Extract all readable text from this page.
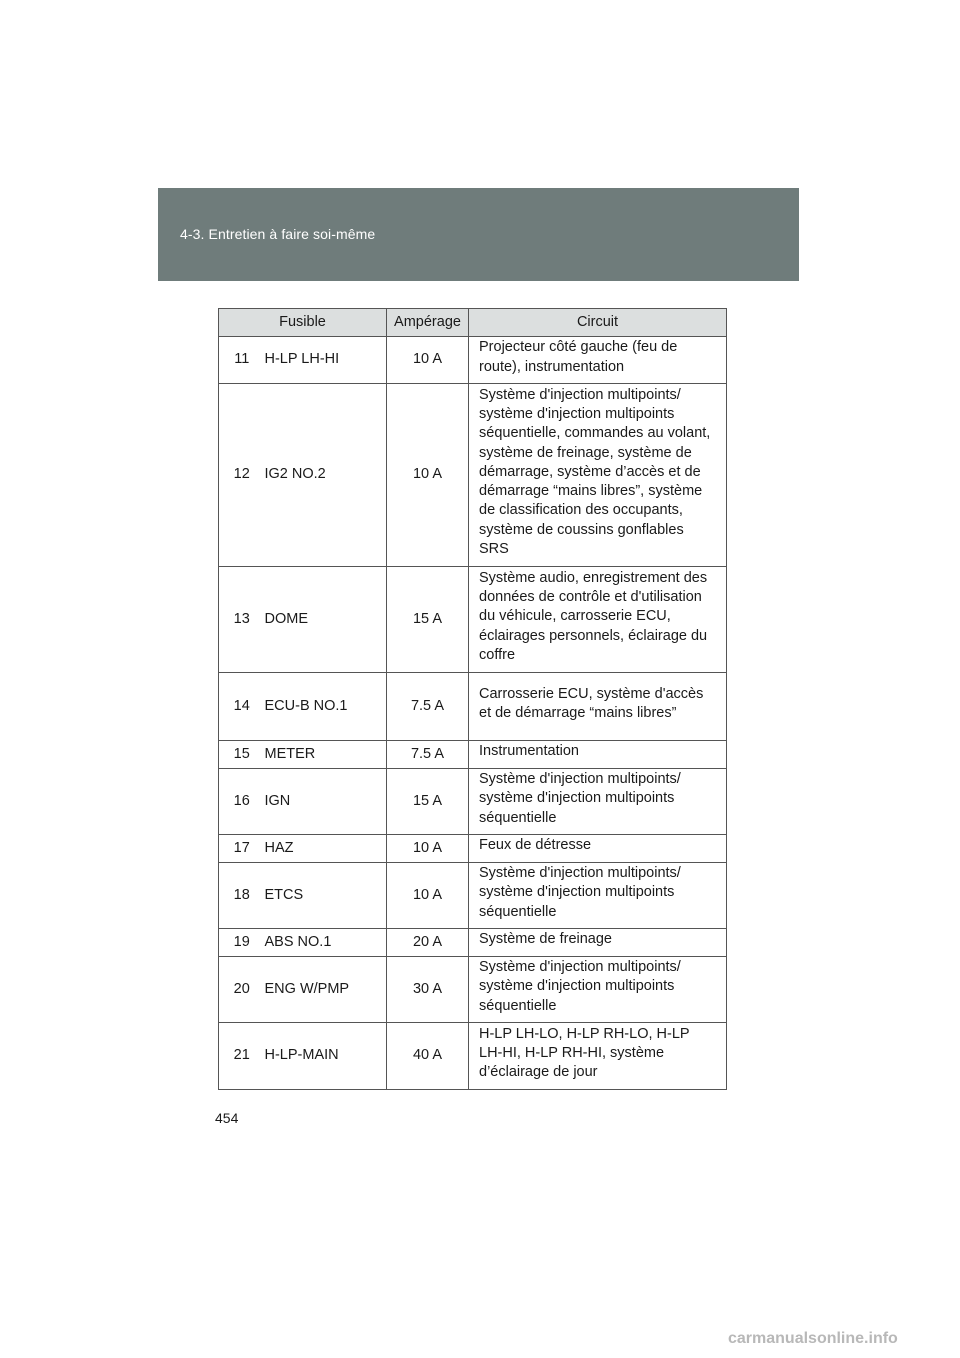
4-3. Entretien à faire soi-même
Fusible		Ampérage	Circuit
11	H-LP LH-HI	10 A	Projecteur côté gauche (feu de route), instrumentation
12	IG2 NO.2	10 A	Système d'injection multipoints/ système d'injection multipoints séquentielle, commandes au volant, système de freinage, système de démarrage, système d’accès et de démarrage “mains libres”, système de classification des occupants, système de coussins gonflables SRS
13	DOME	15 A	Système audio, enregistrement des données de contrôle et d'utilisation du véhicule, carrosserie ECU, éclairages personnels, éclairage du coffre
14	ECU-B NO.1	7.5 A	Carrosserie ECU, système d'accès et de démarrage “mains libres”
15	METER	7.5 A	Instrumentation
16	IGN	15 A	Système d'injection multipoints/ système d'injection multipoints séquentielle
17	HAZ	10 A	Feux de détresse
18	ETCS	10 A	Système d'injection multipoints/ système d'injection multipoints séquentielle
19	ABS NO.1	20 A	Système de freinage
20	ENG W/PMP	30 A	Système d'injection multipoints/ système d'injection multipoints séquentielle
21	H-LP-MAIN	40 A	H-LP LH-LO, H-LP RH-LO, H-LP LH-HI, H-LP RH-HI, système d’éclairage de jour
454
carmanualsonline.info
